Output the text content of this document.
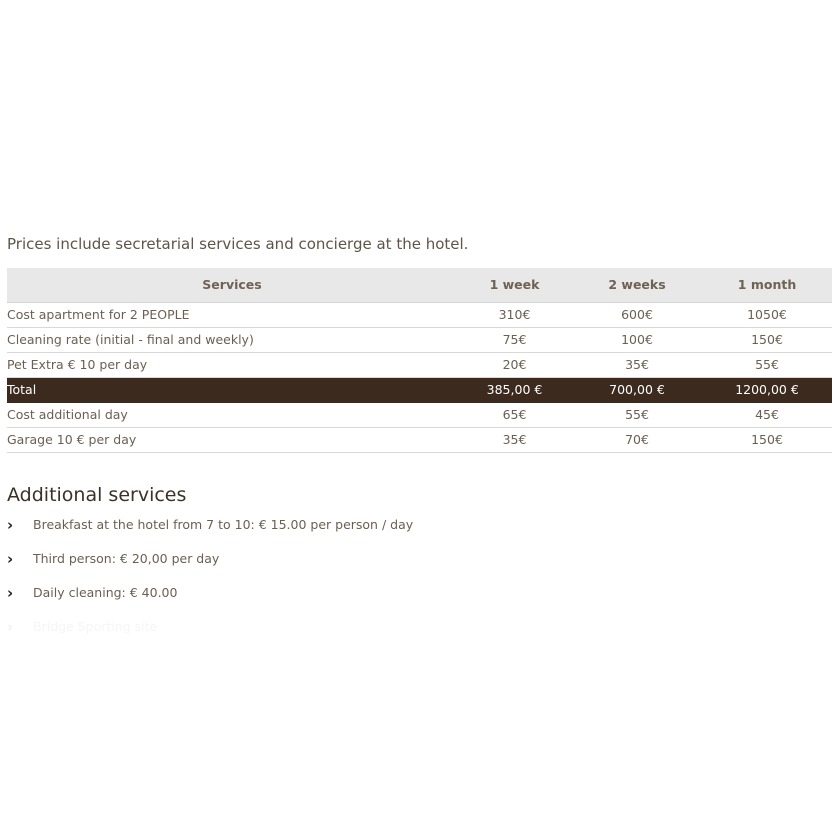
Prices include secretarial services and concierge at the hotel.

Services	1 week	2 weeks	1 month
Cost apartment for 2 PEOPLE	310€	600€	1050€
Cleaning rate (initial - final and weekly)	75€	100€	150€
Pet Extra € 10 per day	20€	35€	55€
Total	385,00 €	700,00 €	1200,00 €
Cost additional day	65€	55€	45€
Garage 10 € per day	35€	70€	150€
Additional services
›	Breakfast at the hotel from 7 to 10: € 15.00 per person / day
›	Third person: € 20,00 per day
›	Daily cleaning: € 40.00
›	Bridge Sporting site
